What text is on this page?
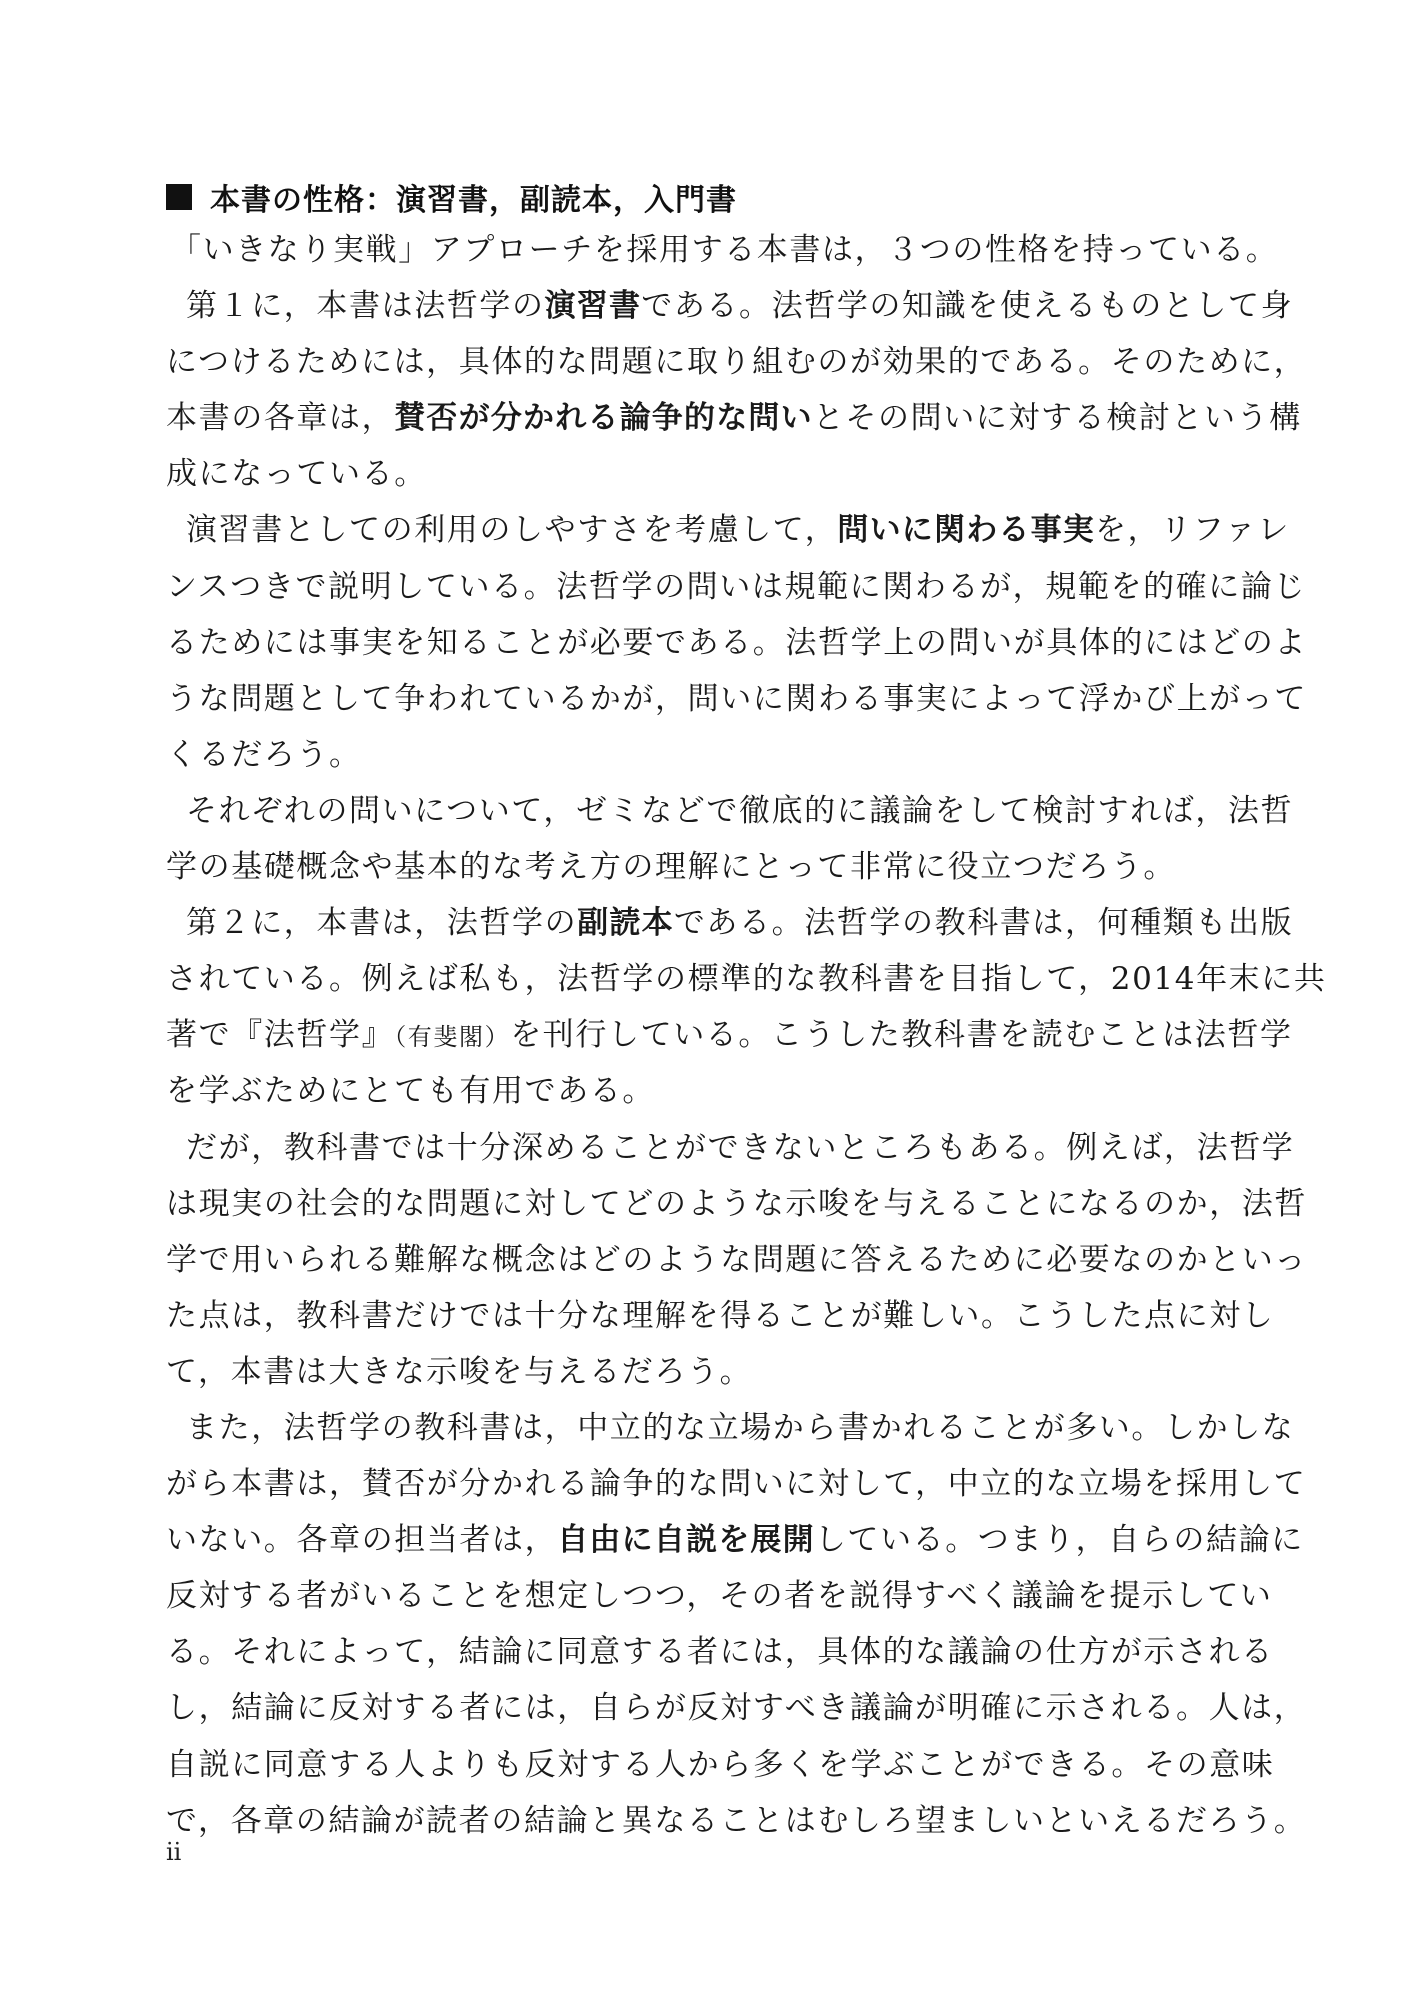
本書の性格：演習書，副読本，入門書
「いきなり実戦」アプローチを採用する本書は，３つの性格を持っている。
第１に，本書は法哲学の演習書である。法哲学の知識を使えるものとして身
につけるためには，具体的な問題に取り組むのが効果的である。そのために，
本書の各章は，賛否が分かれる論争的な問いとその問いに対する検討という構
成になっている。
演習書としての利用のしやすさを考慮して，問いに関わる事実を，リファレ
ンスつきで説明している。法哲学の問いは規範に関わるが，規範を的確に論じ
るためには事実を知ることが必要である。法哲学上の問いが具体的にはどのよ
うな問題として争われているかが，問いに関わる事実によって浮かび上がって
くるだろう。
それぞれの問いについて，ゼミなどで徹底的に議論をして検討すれば，法哲
学の基礎概念や基本的な考え方の理解にとって非常に役立つだろう。
第２に，本書は，法哲学の副読本である。法哲学の教科書は，何種類も出版
されている。例えば私も，法哲学の標準的な教科書を目指して，2014年末に共
著で『法哲学』（有斐閣）を刊行している。こうした教科書を読むことは法哲学
を学ぶためにとても有用である。
だが，教科書では十分深めることができないところもある。例えば，法哲学
は現実の社会的な問題に対してどのような示唆を与えることになるのか，法哲
学で用いられる難解な概念はどのような問題に答えるために必要なのかといっ
た点は，教科書だけでは十分な理解を得ることが難しい。こうした点に対し
て，本書は大きな示唆を与えるだろう。
また，法哲学の教科書は，中立的な立場から書かれることが多い。しかしな
がら本書は，賛否が分かれる論争的な問いに対して，中立的な立場を採用して
いない。各章の担当者は，自由に自説を展開している。つまり，自らの結論に
反対する者がいることを想定しつつ，その者を説得すべく議論を提示してい
る。それによって，結論に同意する者には，具体的な議論の仕方が示される
し，結論に反対する者には，自らが反対すべき議論が明確に示される。人は，
自説に同意する人よりも反対する人から多くを学ぶことができる。その意味
で，各章の結論が読者の結論と異なることはむしろ望ましいといえるだろう。
ii
